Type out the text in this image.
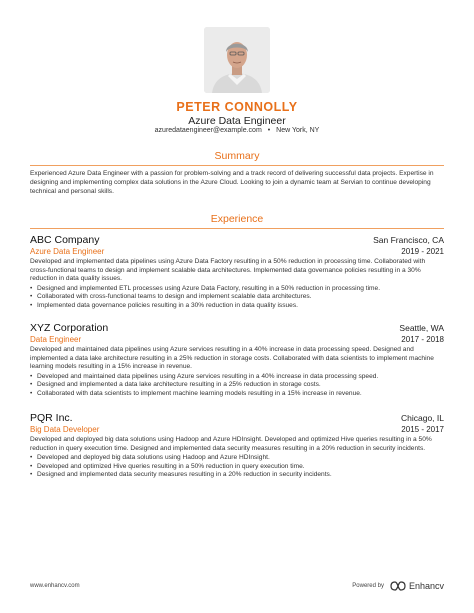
PETER CONNOLLY
Azure Data Engineer
azuredataengineer@example.com • New York, NY
Summary
Experienced Azure Data Engineer with a passion for problem-solving and a track record of delivering successful data projects. Expertise in designing and implementing complex data solutions in the Azure Cloud. Looking to join a dynamic team at Servian to continue developing technical and personal skills.
Experience
ABC Company	San Francisco, CA
Azure Data Engineer	2019 - 2021
Developed and implemented data pipelines using Azure Data Factory resulting in a 50% reduction in processing time. Collaborated with cross-functional teams to design and implement scalable data architectures. Implemented data governance policies resulting in a 30% reduction in data quality issues.
• Designed and implemented ETL processes using Azure Data Factory, resulting in a 50% reduction in processing time.
• Collaborated with cross-functional teams to design and implement scalable data architectures.
• Implemented data governance policies resulting in a 30% reduction in data quality issues.
XYZ Corporation	Seattle, WA
Data Engineer	2017 - 2018
Developed and maintained data pipelines using Azure services resulting in a 40% increase in data processing speed. Designed and implemented a data lake architecture resulting in a 25% reduction in storage costs. Collaborated with data scientists to implement machine learning models resulting in a 15% increase in revenue.
• Developed and maintained data pipelines using Azure services resulting in a 40% increase in data processing speed.
• Designed and implemented a data lake architecture resulting in a 25% reduction in storage costs.
• Collaborated with data scientists to implement machine learning models resulting in a 15% increase in revenue.
PQR Inc.	Chicago, IL
Big Data Developer	2015 - 2017
Developed and deployed big data solutions using Hadoop and Azure HDInsight. Developed and optimized Hive queries resulting in a 50% reduction in query execution time. Designed and implemented data security measures resulting in a 20% reduction in security incidents.
• Developed and deployed big data solutions using Hadoop and Azure HDInsight.
• Developed and optimized Hive queries resulting in a 50% reduction in query execution time.
• Designed and implemented data security measures resulting in a 20% reduction in security incidents.
www.enhancv.com	Powered by	Enhancv
